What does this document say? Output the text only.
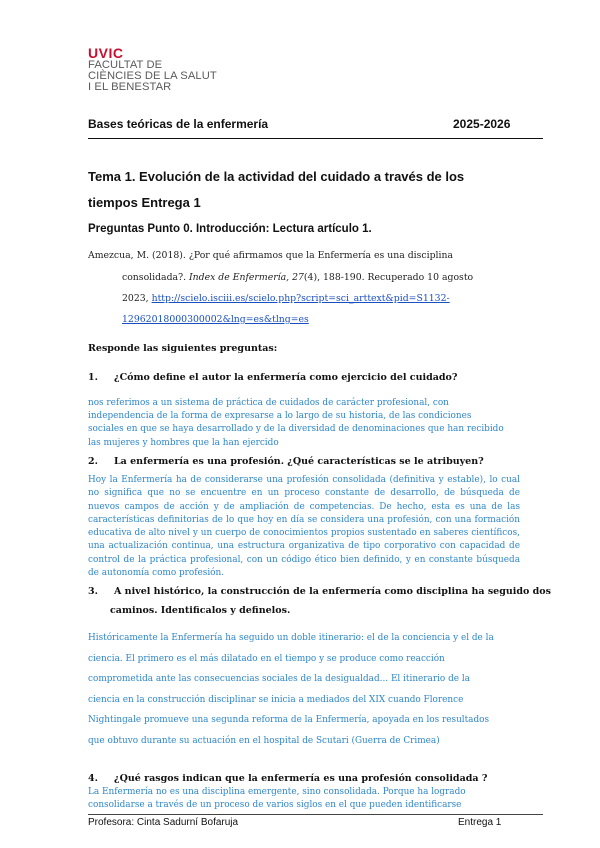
UVIC
FACULTAT DE
CIÈNCIES DE LA SALUT
I EL BENESTAR
Bases teóricas de la enfermería	2025-2026
Tema 1. Evolución de la actividad del cuidado a través de los
tiempos Entrega 1
Preguntas Punto 0. Introducción: Lectura artículo 1.
Amezcua, M. (2018). ¿Por qué afirmamos que la Enfermería es una disciplina
consolidada?. Index de Enfermería, 27(4), 188-190. Recuperado 10 agosto
2023, http://scielo.isciii.es/scielo.php?script=sci_arttext&pid=S1132-
12962018000300002&lng=es&tlng=es
Responde las siguientes preguntas:
1. ¿Cómo define el autor la enfermería como ejercicio del cuidado?
nos referimos a un sistema de práctica de cuidados de carácter profesional, con
independencia de la forma de expresarse a lo largo de su historia, de las condiciones
sociales en que se haya desarrollado y de la diversidad de denominaciones que han recibido
las mujeres y hombres que la han ejercido
2. La enfermería es una profesión. ¿Qué características se le atribuyen?
Hoy la Enfermería ha de considerarse una profesión consolidada (definitiva y estable), lo cual no significa que no se encuentre en un proceso constante de desarrollo, de búsqueda de nuevos campos de acción y de ampliación de competencias. De hecho, esta es una de las características definitorias de lo que hoy en día se considera una profesión, con una formación educativa de alto nivel y un cuerpo de conocimientos propios sustentado en saberes científicos, una actualización continua, una estructura organizativa de tipo corporativo con capacidad de control de la práctica profesional, con un código ético bien definido, y en constante búsqueda de autonomía como profesión.
3. A nivel histórico, la construcción de la enfermería como disciplina ha seguido dos
caminos. Identificalos y definelos.
Históricamente la Enfermería ha seguido un doble itinerario: el de la conciencia y el de la
ciencia. El primero es el más dilatado en el tiempo y se produce como reacción
comprometida ante las consecuencias sociales de la desigualdad... El itinerario de la
ciencia en la construcción disciplinar se inicia a mediados del XIX cuando Florence
Nightingale promueve una segunda reforma de la Enfermería, apoyada en los resultados
que obtuvo durante su actuación en el hospital de Scutari (Guerra de Crimea)
4. ¿Qué rasgos indican que la enfermería es una profesión consolidada ?
La Enfermería no es una disciplina emergente, sino consolidada. Porque ha logrado
consolidarse a través de un proceso de varios siglos en el que pueden identificarse
Profesora: Cinta Sadurní Bofaruja	Entrega 1
